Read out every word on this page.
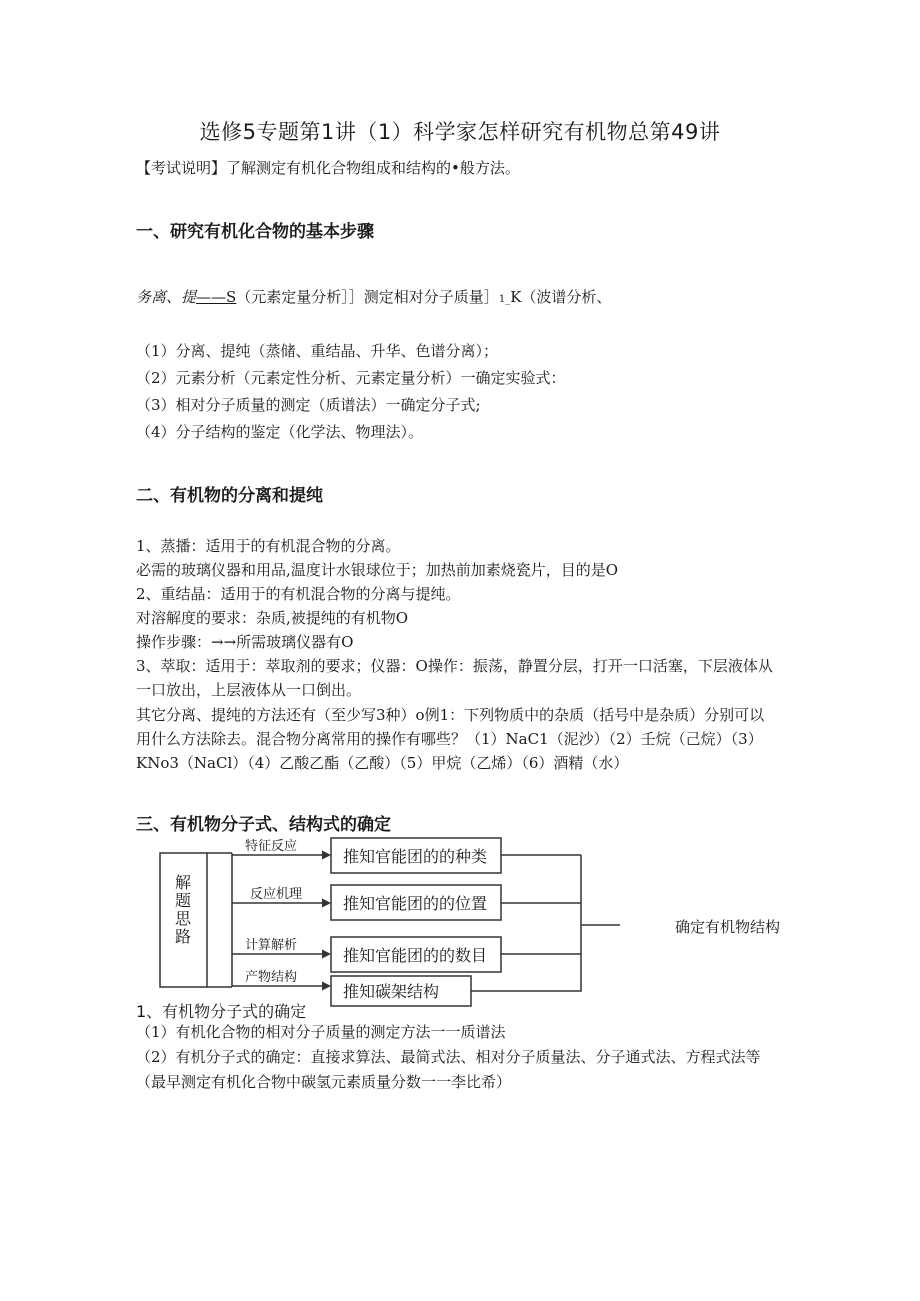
选修5专题第1讲（1）科学家怎样研究有机物总第49讲
【考试说明】了解测定有机化合物组成和结构的•般方法。
一、研究有机化合物的基本步骤
务离、提——S（元素定量分析］］测定相对分子质量］1_K（波谱分析、
（1）分离、提纯（蒸储、重结晶、升华、色谱分离）；
（2）元素分析（元素定性分析、元素定量分析）一确定实验式：
（3）相对分子质量的测定（质谱法）一确定分子式;
（4）分子结构的鉴定（化学法、物理法）。
二、有机物的分离和提纯
1、蒸播：适用于的有机混合物的分离。
必需的玻璃仪器和用品,温度计水银球位于；加热前加素烧瓷片，目的是O
2、重结晶：适用于的有机混合物的分离与提纯。
对溶解度的要求：杂质,被提纯的有机物O
操作步骤：→→所需玻璃仪器有O
3、萃取：适用于：萃取剂的要求；仪器：O操作：振荡，静置分层，打开一口活塞，下层液体从
一口放出，上层液体从一口倒出。
其它分离、提纯的方法还有（至少写3种）o例1：下列物质中的杂质（括号中是杂质）分别可以
用什么方法除去。混合物分离常用的操作有哪些？（1）NaC1（泥沙）（2）壬烷（己烷）（3）
KNo3（NaCl）（4）乙酸乙酯（乙酸）（5）甲烷（乙烯）（6）酒精（水）
三、有机物分子式、结构式的确定
解
题
思
路
特征反应
反应机理
计算解析
产物结构
推知官能团的的种类
推知官能团的的位置
推知官能团的的数目
推知碳架结构
确定有机物结构
1、有机物分子式的确定
（1）有机化合物的相对分子质量的测定方法一一质谱法
（2）有机分子式的确定：直接求算法、最简式法、相对分子质量法、分子通式法、方程式法等
（最早测定有机化合物中碳氢元素质量分数一一李比希）
